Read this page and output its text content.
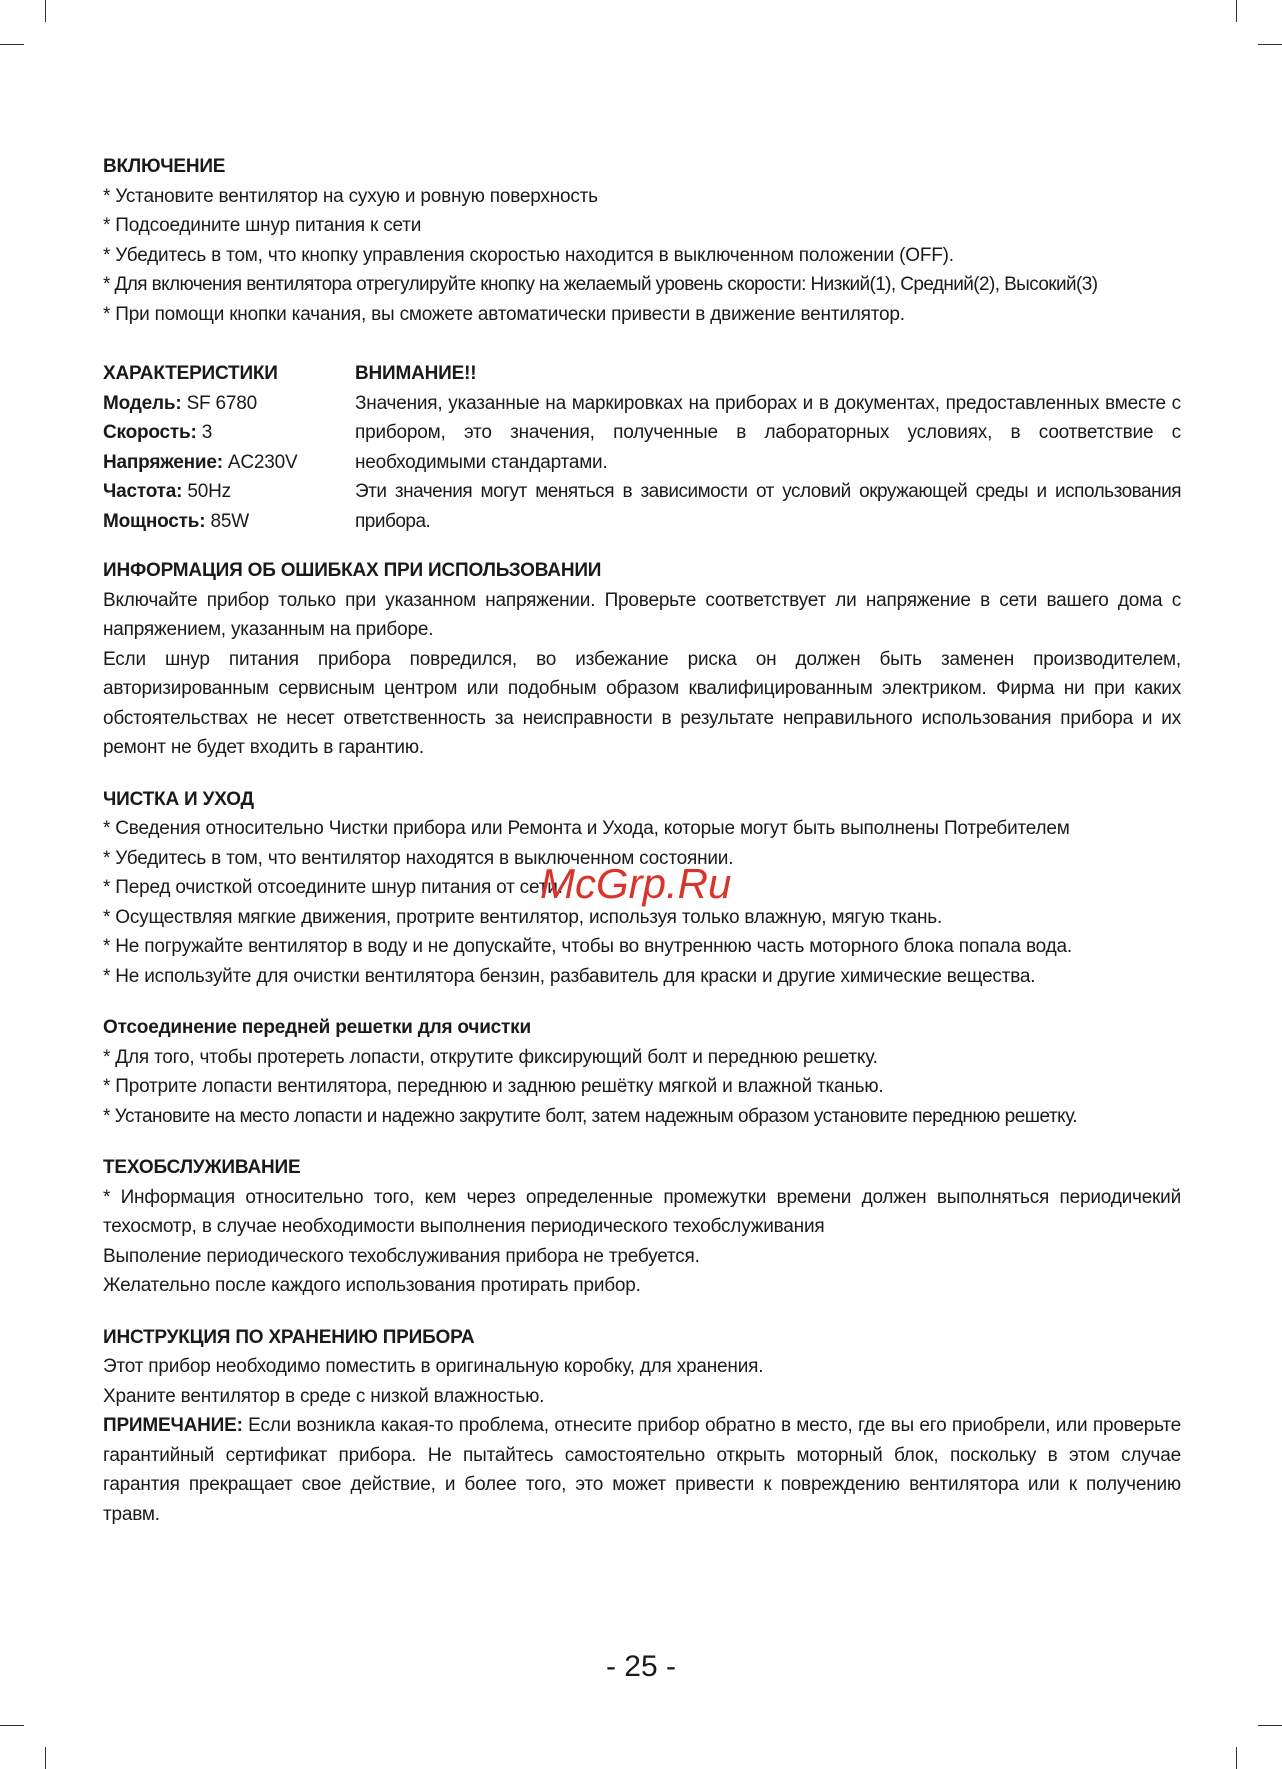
ВКЛЮЧЕНИЕ

* Установите вентилятор на сухую и ровную поверхность

* Подсоедините шнур питания к сети

* Убедитесь в том, что кнопку управления скоростью находится в выключенном положении (OFF).

* Для включения вентилятора отрегулируйте кнопку на желаемый уровень скорости: Низкий(1), Средний(2), Высокий(3)

* При помощи кнопки качания, вы сможете автоматически привести в движение вентилятор.

ХАРАКТЕРИСТИКИ

Модель: SF 6780

Скорость: 3

Напряжение: AC230V

Частота: 50Hz

Мощность: 85W

ВНИМАНИЕ!!

Значения, указанные на маркировках на приборах и в документах, предоставленных вместе с прибором, это значения, полученные в лабораторных условиях, в соответствие с необходимыми стандартами.

Эти значения могут меняться в зависимости от условий окружающей среды и использования прибора.

ИНФОРМАЦИЯ ОБ ОШИБКАХ ПРИ ИСПОЛЬЗОВАНИИ

Включайте прибор только при указанном напряжении. Проверьте соответствует ли напряжение в сети вашего дома с напряжением, указанным на приборе.

Если шнур питания прибора повредился, во избежание риска он должен быть заменен производителем, авторизированным сервисным центром или подобным образом квалифицированным электриком. Фирма ни при каких обстоятельствах не несет ответственность за неисправности в результате неправильного использования прибора и их ремонт не будет входить в гарантию.

ЧИСТКА И УХОД

* Сведения относительно Чистки прибора или Ремонта и Ухода, которые могут быть выполнены Потребителем

* Убедитесь в том, что вентилятор находятся в выключенном состоянии.

* Перед очисткой отсоедините шнур питания от сети.

* Осуществляя мягкие движения, протрите вентилятор, используя только влажную, мягую ткань.

* Не погружайте вентилятор в воду и не допускайте, чтобы во внутреннюю часть моторного блока попала вода.

* Не используйте для очистки вентилятора бензин, разбавитель для краски и другие химические вещества.

Отсоединение передней решетки для очистки

* Для того, чтобы протереть лопасти, открутите фиксирующий болт и переднюю решетку.

* Протрите лопасти вентилятора, переднюю и заднюю решётку мягкой и влажной тканью.

* Установите на место лопасти и надежно закрутите болт, затем надежным образом установите переднюю решетку.

ТЕХОБСЛУЖИВАНИЕ

* Информация относительно того, кем через определенные промежутки времени должен выполняться периодичекий техосмотр, в случае необходимости выполнения периодического техобслуживания

Выполение периодического техобслуживания прибора не требуется.

Желательно после каждого использования протирать прибор.

ИНСТРУКЦИЯ ПО ХРАНЕНИЮ ПРИБОРА

Этот прибор необходимо поместить в оригинальную коробку, для хранения.

Храните вентилятор в среде с низкой влажностью.

ПРИМЕЧАНИЕ: Если возникла какая-то проблема, отнесите прибор обратно в место, где вы его приобрели, или проверьте гарантийный сертификат прибора. Не пытайтесь самостоятельно открыть моторный блок, поскольку в этом случае гарантия прекращает свое действие, и более того, это может привести к повреждению вентилятора или к получению травм.

McGrp.Ru
- 25 -
